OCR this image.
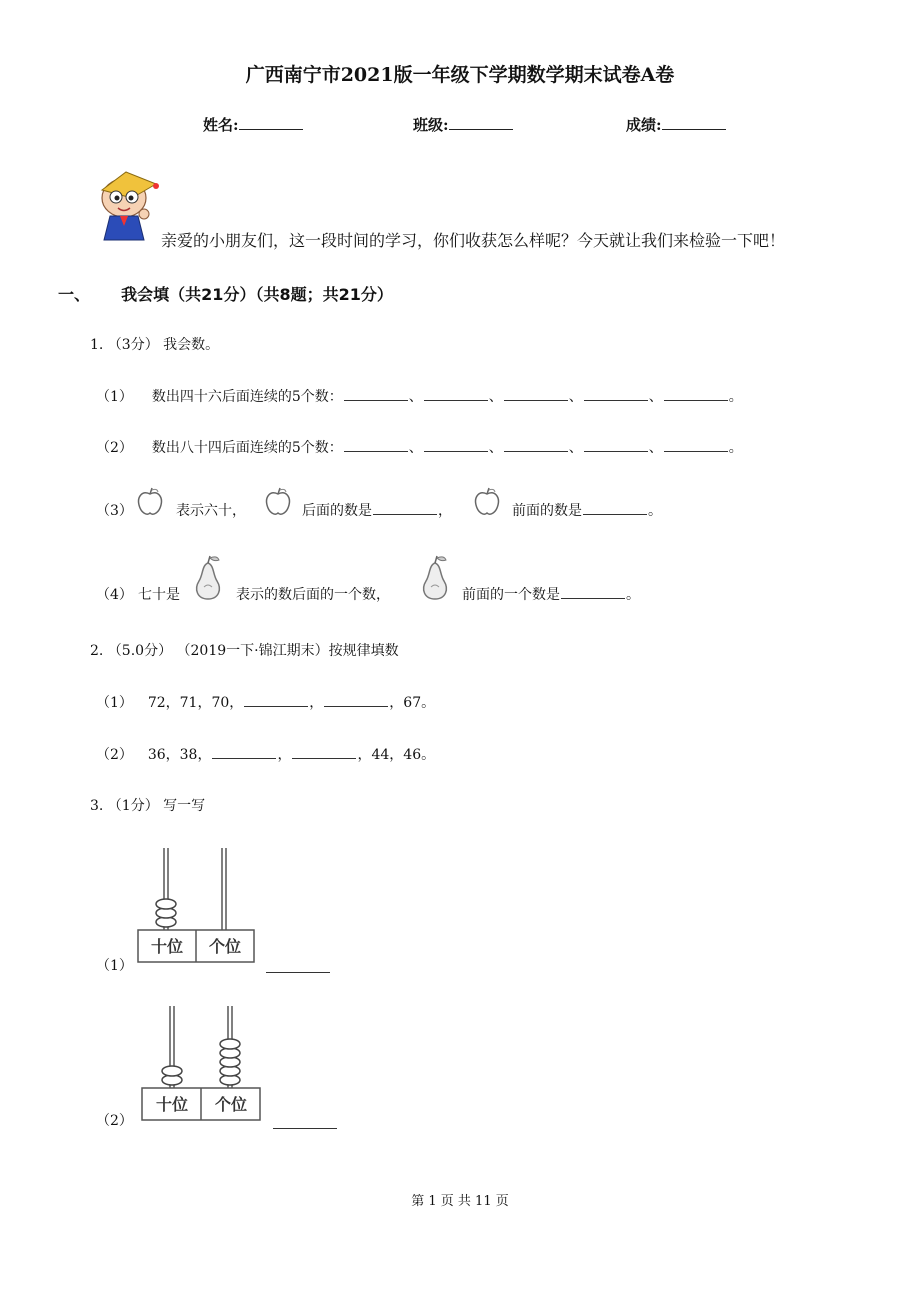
广西南宁市2021版一年级下学期数学期末试卷A卷
姓名:	班级:	成绩:
亲爱的小朋友们，这一段时间的学习，你们收获怎么样呢？今天就让我们来检验一下吧！
一、 我会填（共21分）（共8题；共21分）
1. （3分） 我会数。
（1） 数出四十六后面连续的5个数：	、	、	、	、	。
（2） 数出八十四后面连续的5个数：	、	、	、	、	。
（3）	表示六十，	后面的数是	，	前面的数是	。
（4） 七十是	表示的数后面的一个数，	前面的一个数是	。
2. （5.0分） （2019一下·锦江期末）按规律填数
（1） 72，71，70，	，	，67。
（2） 36，38，	，	，44，46。
3. （1分） 写一写
（1）
十位 个位
（2）
十位 个位
第 1 页 共 11 页
